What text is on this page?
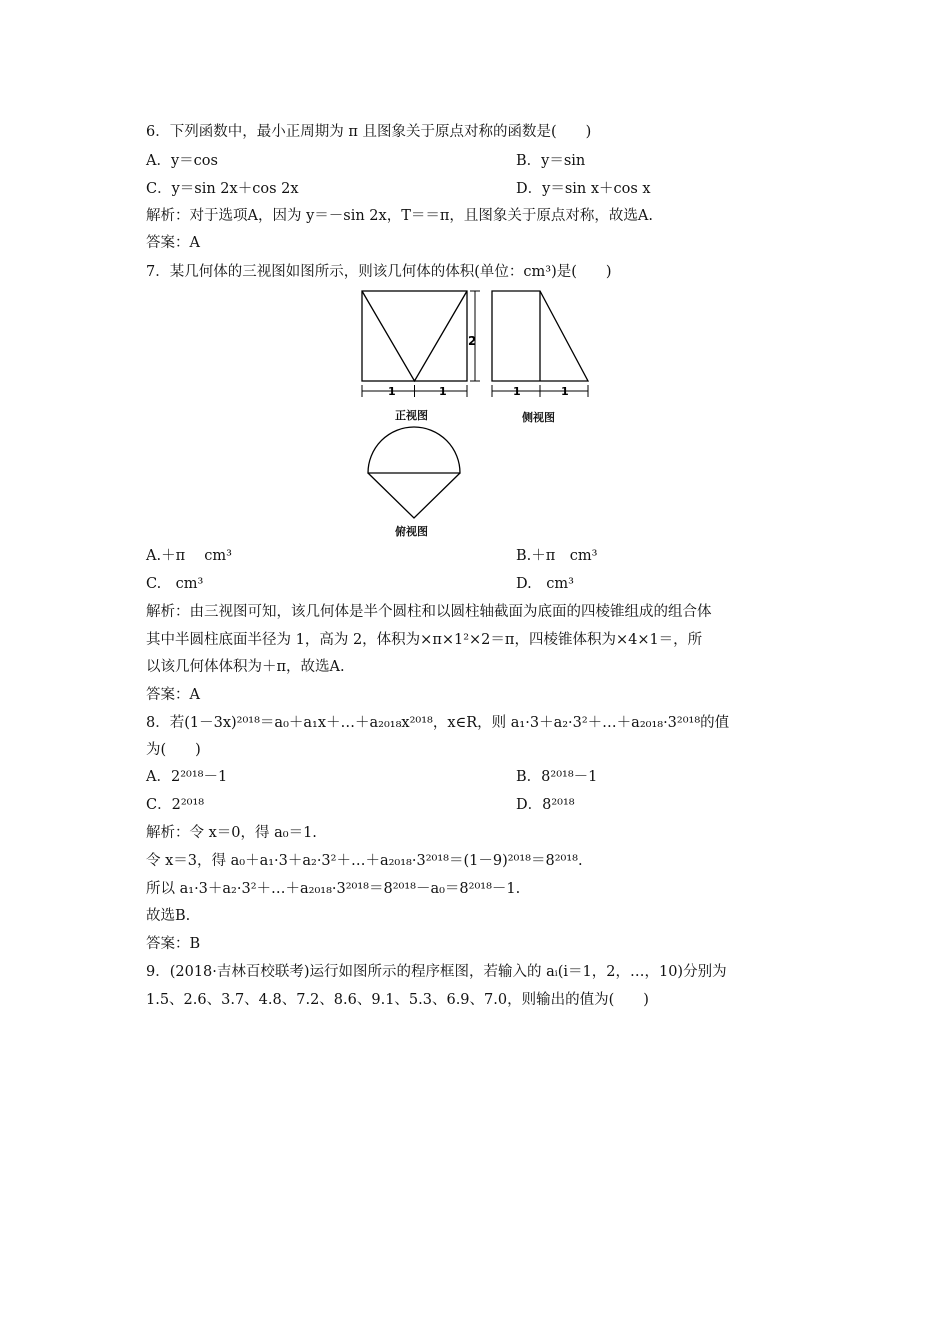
6．下列函数中，最小正周期为 π 且图象关于原点对称的函数是(　　)
A．y＝cos	B．y＝sin
C．y＝sin 2x＋cos 2x	D．y＝sin x＋cos x
解析：对于选项A，因为 y＝－sin 2x，T＝＝π，且图象关于原点对称，故选A.
答案：A
7．某几何体的三视图如图所示，则该几何体的体积(单位：cm³)是(　　)
1	1
2
1	1
正视图	侧视图
俯视图
A.＋π　 cm³	B.＋π　cm³
C.　cm³	D.　cm³
解析：由三视图可知，该几何体是半个圆柱和以圆柱轴截面为底面的四棱锥组成的组合体
其中半圆柱底面半径为 1，高为 2，体积为×π×1²×2＝π，四棱锥体积为×4×1＝，所
以该几何体体积为＋π，故选A.
答案：A
8．若(1－3x)²⁰¹⁸＝a₀＋a₁x＋…＋a₂₀₁₈x²⁰¹⁸，x∈R，则 a₁·3＋a₂·3²＋…＋a₂₀₁₈·3²⁰¹⁸的值
为(　　)
A．2²⁰¹⁸－1	B．8²⁰¹⁸－1
C．2²⁰¹⁸	D．8²⁰¹⁸
解析：令 x＝0，得 a₀＝1.
令 x＝3，得 a₀＋a₁·3＋a₂·3²＋…＋a₂₀₁₈·3²⁰¹⁸＝(1－9)²⁰¹⁸＝8²⁰¹⁸.
所以 a₁·3＋a₂·3²＋…＋a₂₀₁₈·3²⁰¹⁸＝8²⁰¹⁸－a₀＝8²⁰¹⁸－1.
故选B.
答案：B
9．(2018·吉林百校联考)运行如图所示的程序框图，若输入的 aᵢ(i＝1，2，…，10)分别为
1.5、2.6、3.7、4.8、7.2、8.6、9.1、5.3、6.9、7.0，则输出的值为(　　)
